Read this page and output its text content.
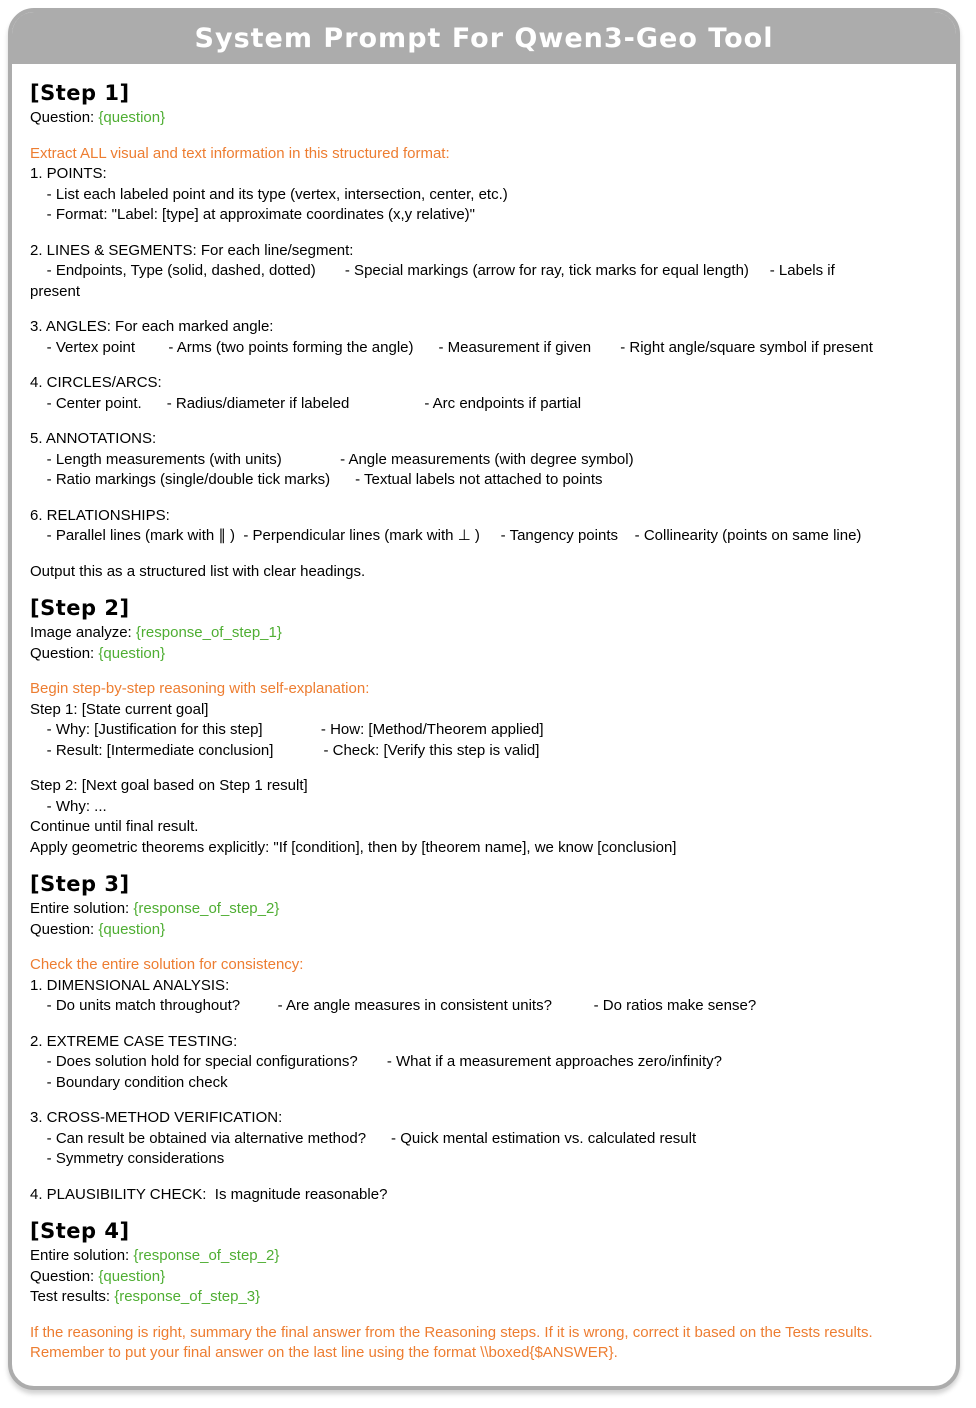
System Prompt For Qwen3-Geo Tool
[Step 1]
Question: {question}
Extract ALL visual and text information in this structured format:
1. POINTS:
- List each labeled point and its type (vertex, intersection, center, etc.)
- Format: "Label: [type] at approximate coordinates (x,y relative)"
2. LINES & SEGMENTS: For each line/segment:
- Endpoints, Type (solid, dashed, dotted)       - Special markings (arrow for ray, tick marks for equal length)     - Labels if
present
3. ANGLES: For each marked angle:
- Vertex point        - Arms (two points forming the angle)      - Measurement if given       - Right angle/square symbol if present
4. CIRCLES/ARCS:
- Center point.      - Radius/diameter if labeled                  - Arc endpoints if partial
5. ANNOTATIONS:
- Length measurements (with units)              - Angle measurements (with degree symbol)
- Ratio markings (single/double tick marks)      - Textual labels not attached to points
6. RELATIONSHIPS:
- Parallel lines (mark with ∥ )  - Perpendicular lines (mark with ⊥ )     - Tangency points    - Collinearity (points on same line)
Output this as a structured list with clear headings.
[Step 2]
Image analyze: {response_of_step_1}
Question: {question}
Begin step-by-step reasoning with self-explanation:
Step 1: [State current goal]
- Why: [Justification for this step]              - How: [Method/Theorem applied]
- Result: [Intermediate conclusion]            - Check: [Verify this step is valid]
Step 2: [Next goal based on Step 1 result]
- Why: ...
Continue until final result.
Apply geometric theorems explicitly: "If [condition], then by [theorem name], we know [conclusion]
[Step 3]
Entire solution: {response_of_step_2}
Question: {question}
Check the entire solution for consistency:
1. DIMENSIONAL ANALYSIS:
- Do units match throughout?         - Are angle measures in consistent units?          - Do ratios make sense?
2. EXTREME CASE TESTING:
- Does solution hold for special configurations?       - What if a measurement approaches zero/infinity?
- Boundary condition check
3. CROSS-METHOD VERIFICATION:
- Can result be obtained via alternative method?      - Quick mental estimation vs. calculated result
- Symmetry considerations
4. PLAUSIBILITY CHECK:  Is magnitude reasonable?
[Step 4]
Entire solution: {response_of_step_2}
Question: {question}
Test results: {response_of_step_3}
If the reasoning is right, summary the final answer from the Reasoning steps. If it is wrong, correct it based on the Tests results.
Remember to put your final answer on the last line using the format \\boxed{$ANSWER}.
